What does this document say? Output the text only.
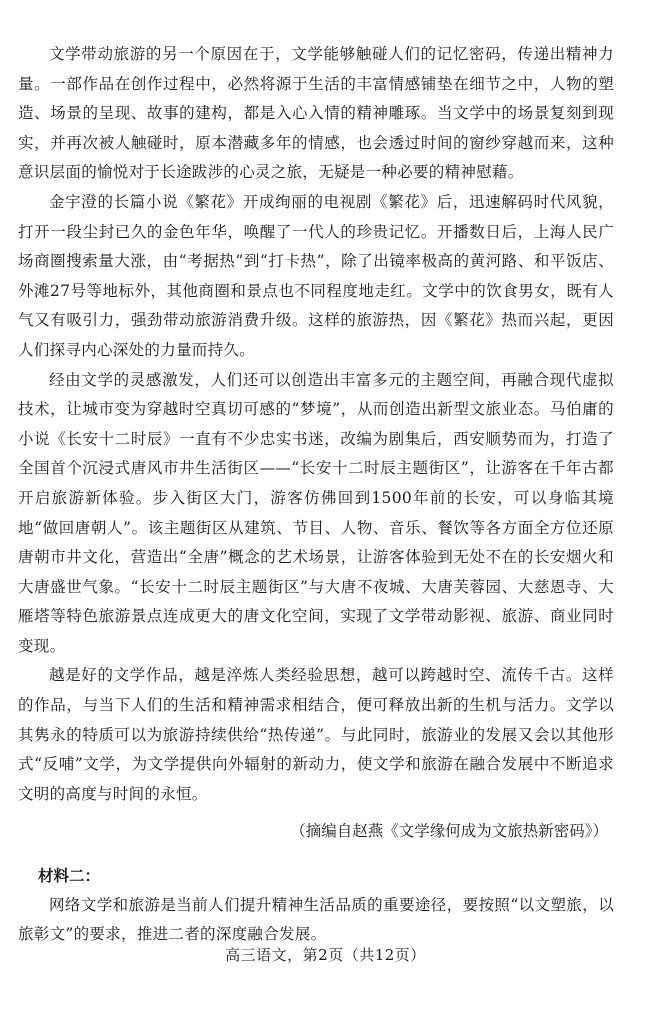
文学带动旅游的另一个原因在于，文学能够触碰人们的记忆密码，传递出精神力量。一部作品在创作过程中，必然将源于生活的丰富情感铺垫在细节之中，人物的塑造、场景的呈现、故事的建构，都是入心入情的精神雕琢。当文学中的场景复刻到现实，并再次被人触碰时，原本潜藏多年的情感，也会透过时间的窗纱穿越而来，这种意识层面的愉悦对于长途跋涉的心灵之旅，无疑是一种必要的精神慰藉。

金宇澄的长篇小说《繁花》开成绚丽的电视剧《繁花》后，迅速解码时代风貌，打开一段尘封已久的金色年华，唤醒了一代人的珍贵记忆。开播数日后，上海人民广场商圈搜索量大涨，由“考据热”到“打卡热”，除了出镜率极高的黄河路、和平饭店、外滩27号等地标外，其他商圈和景点也不同程度地走红。文学中的饮食男女，既有人气又有吸引力，强劲带动旅游消费升级。这样的旅游热，因《繁花》热而兴起，更因人们探寻内心深处的力量而持久。

经由文学的灵感激发，人们还可以创造出丰富多元的主题空间，再融合现代虚拟技术，让城市变为穿越时空真切可感的“梦境”，从而创造出新型文旅业态。马伯庸的小说《长安十二时辰》一直有不少忠实书迷，改编为剧集后，西安顺势而为，打造了全国首个沉浸式唐风市井生活街区——“长安十二时辰主题街区”，让游客在千年古都开启旅游新体验。步入街区大门，游客仿佛回到1500年前的长安，可以身临其境地“做回唐朝人”。该主题街区从建筑、节目、人物、音乐、餐饮等各方面全方位还原唐朝市井文化，营造出“全唐”概念的艺术场景，让游客体验到无处不在的长安烟火和大唐盛世气象。“长安十二时辰主题街区”与大唐不夜城、大唐芙蓉园、大慈恩寺、大雁塔等特色旅游景点连成更大的唐文化空间，实现了文学带动影视、旅游、商业同时变现。

越是好的文学作品，越是淬炼人类经验思想，越可以跨越时空、流传千古。这样的作品，与当下人们的生活和精神需求相结合，便可释放出新的生机与活力。文学以其隽永的特质可以为旅游持续供给“热传递”。与此同时，旅游业的发展又会以其他形式“反哺”文学，为文学提供向外辐射的新动力，使文学和旅游在融合发展中不断追求文明的高度与时间的永恒。

（摘编自赵燕《文学缘何成为文旅热新密码》）

材料二：

网络文学和旅游是当前人们提升精神生活品质的重要途径，要按照“以文塑旅，以旅彰文”的要求，推进二者的深度融合发展。

高三语文，第2页（共12页）
